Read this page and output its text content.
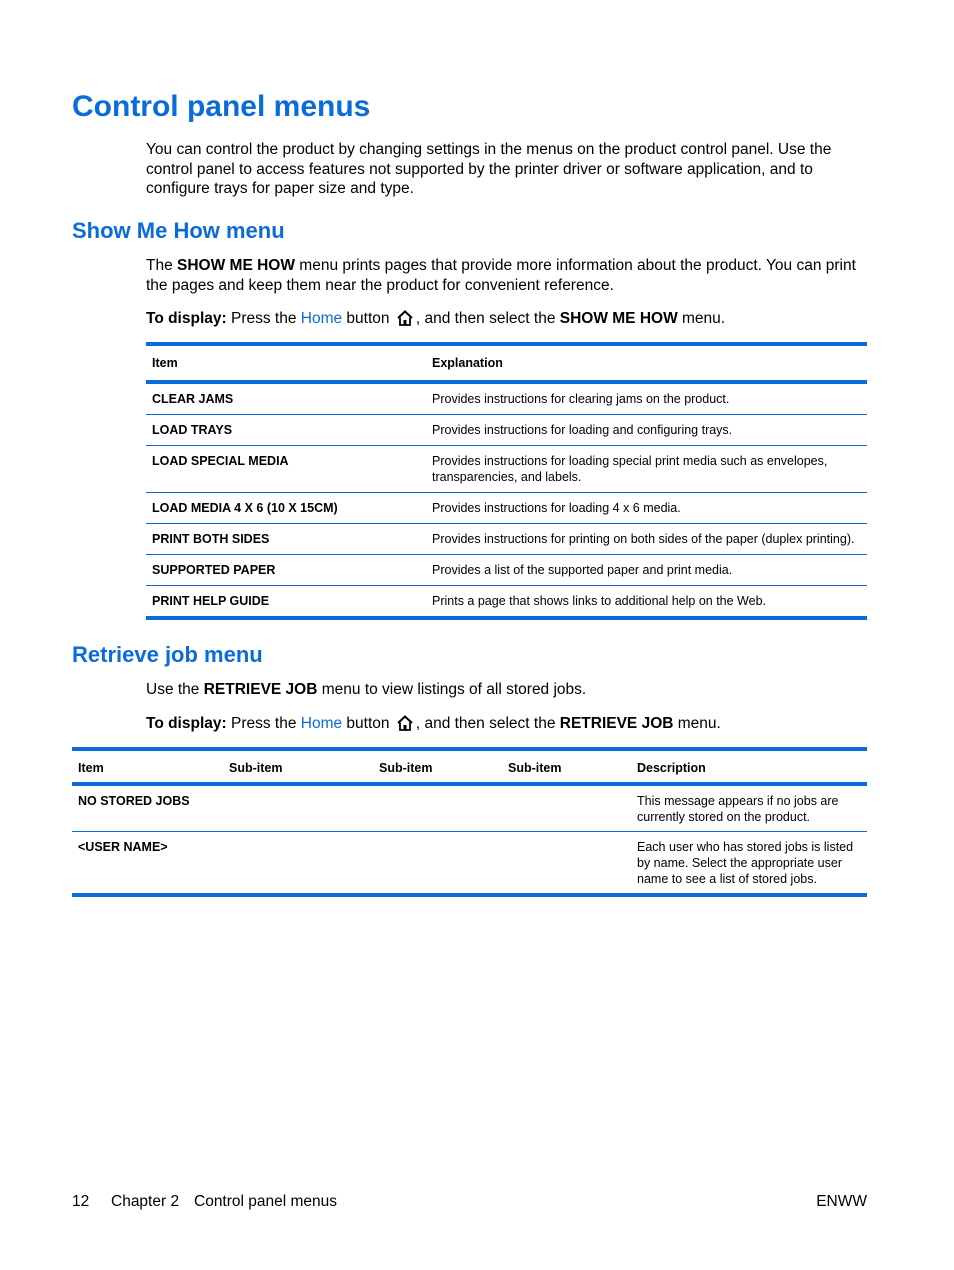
Control panel menus

You can control the product by changing settings in the menus on the product control panel. Use the control panel to access features not supported by the printer driver or software application, and to configure trays for paper size and type.

Show Me How menu

The SHOW ME HOW menu prints pages that provide more information about the product. You can print the pages and keep them near the product for convenient reference.

To display: Press the Home button , and then select the SHOW ME HOW menu.

Item	Explanation
CLEAR JAMS	Provides instructions for clearing jams on the product.
LOAD TRAYS	Provides instructions for loading and configuring trays.
LOAD SPECIAL MEDIA	Provides instructions for loading special print media such as envelopes, transparencies, and labels.
LOAD MEDIA 4 X 6 (10 X 15CM)	Provides instructions for loading 4 x 6 media.
PRINT BOTH SIDES	Provides instructions for printing on both sides of the paper (duplex printing).
SUPPORTED PAPER	Provides a list of the supported paper and print media.
PRINT HELP GUIDE	Prints a page that shows links to additional help on the Web.
Retrieve job menu

Use the RETRIEVE JOB menu to view listings of all stored jobs.

To display: Press the Home button , and then select the RETRIEVE JOB menu.

Item	Sub-item	Sub-item	Sub-item	Description
NO STORED JOBS				This message appears if no jobs are currently stored on the product.
<USER NAME>				Each user who has stored jobs is listed by name. Select the appropriate user name to see a list of stored jobs.
12 Chapter 2 Control panel menus	ENWW
